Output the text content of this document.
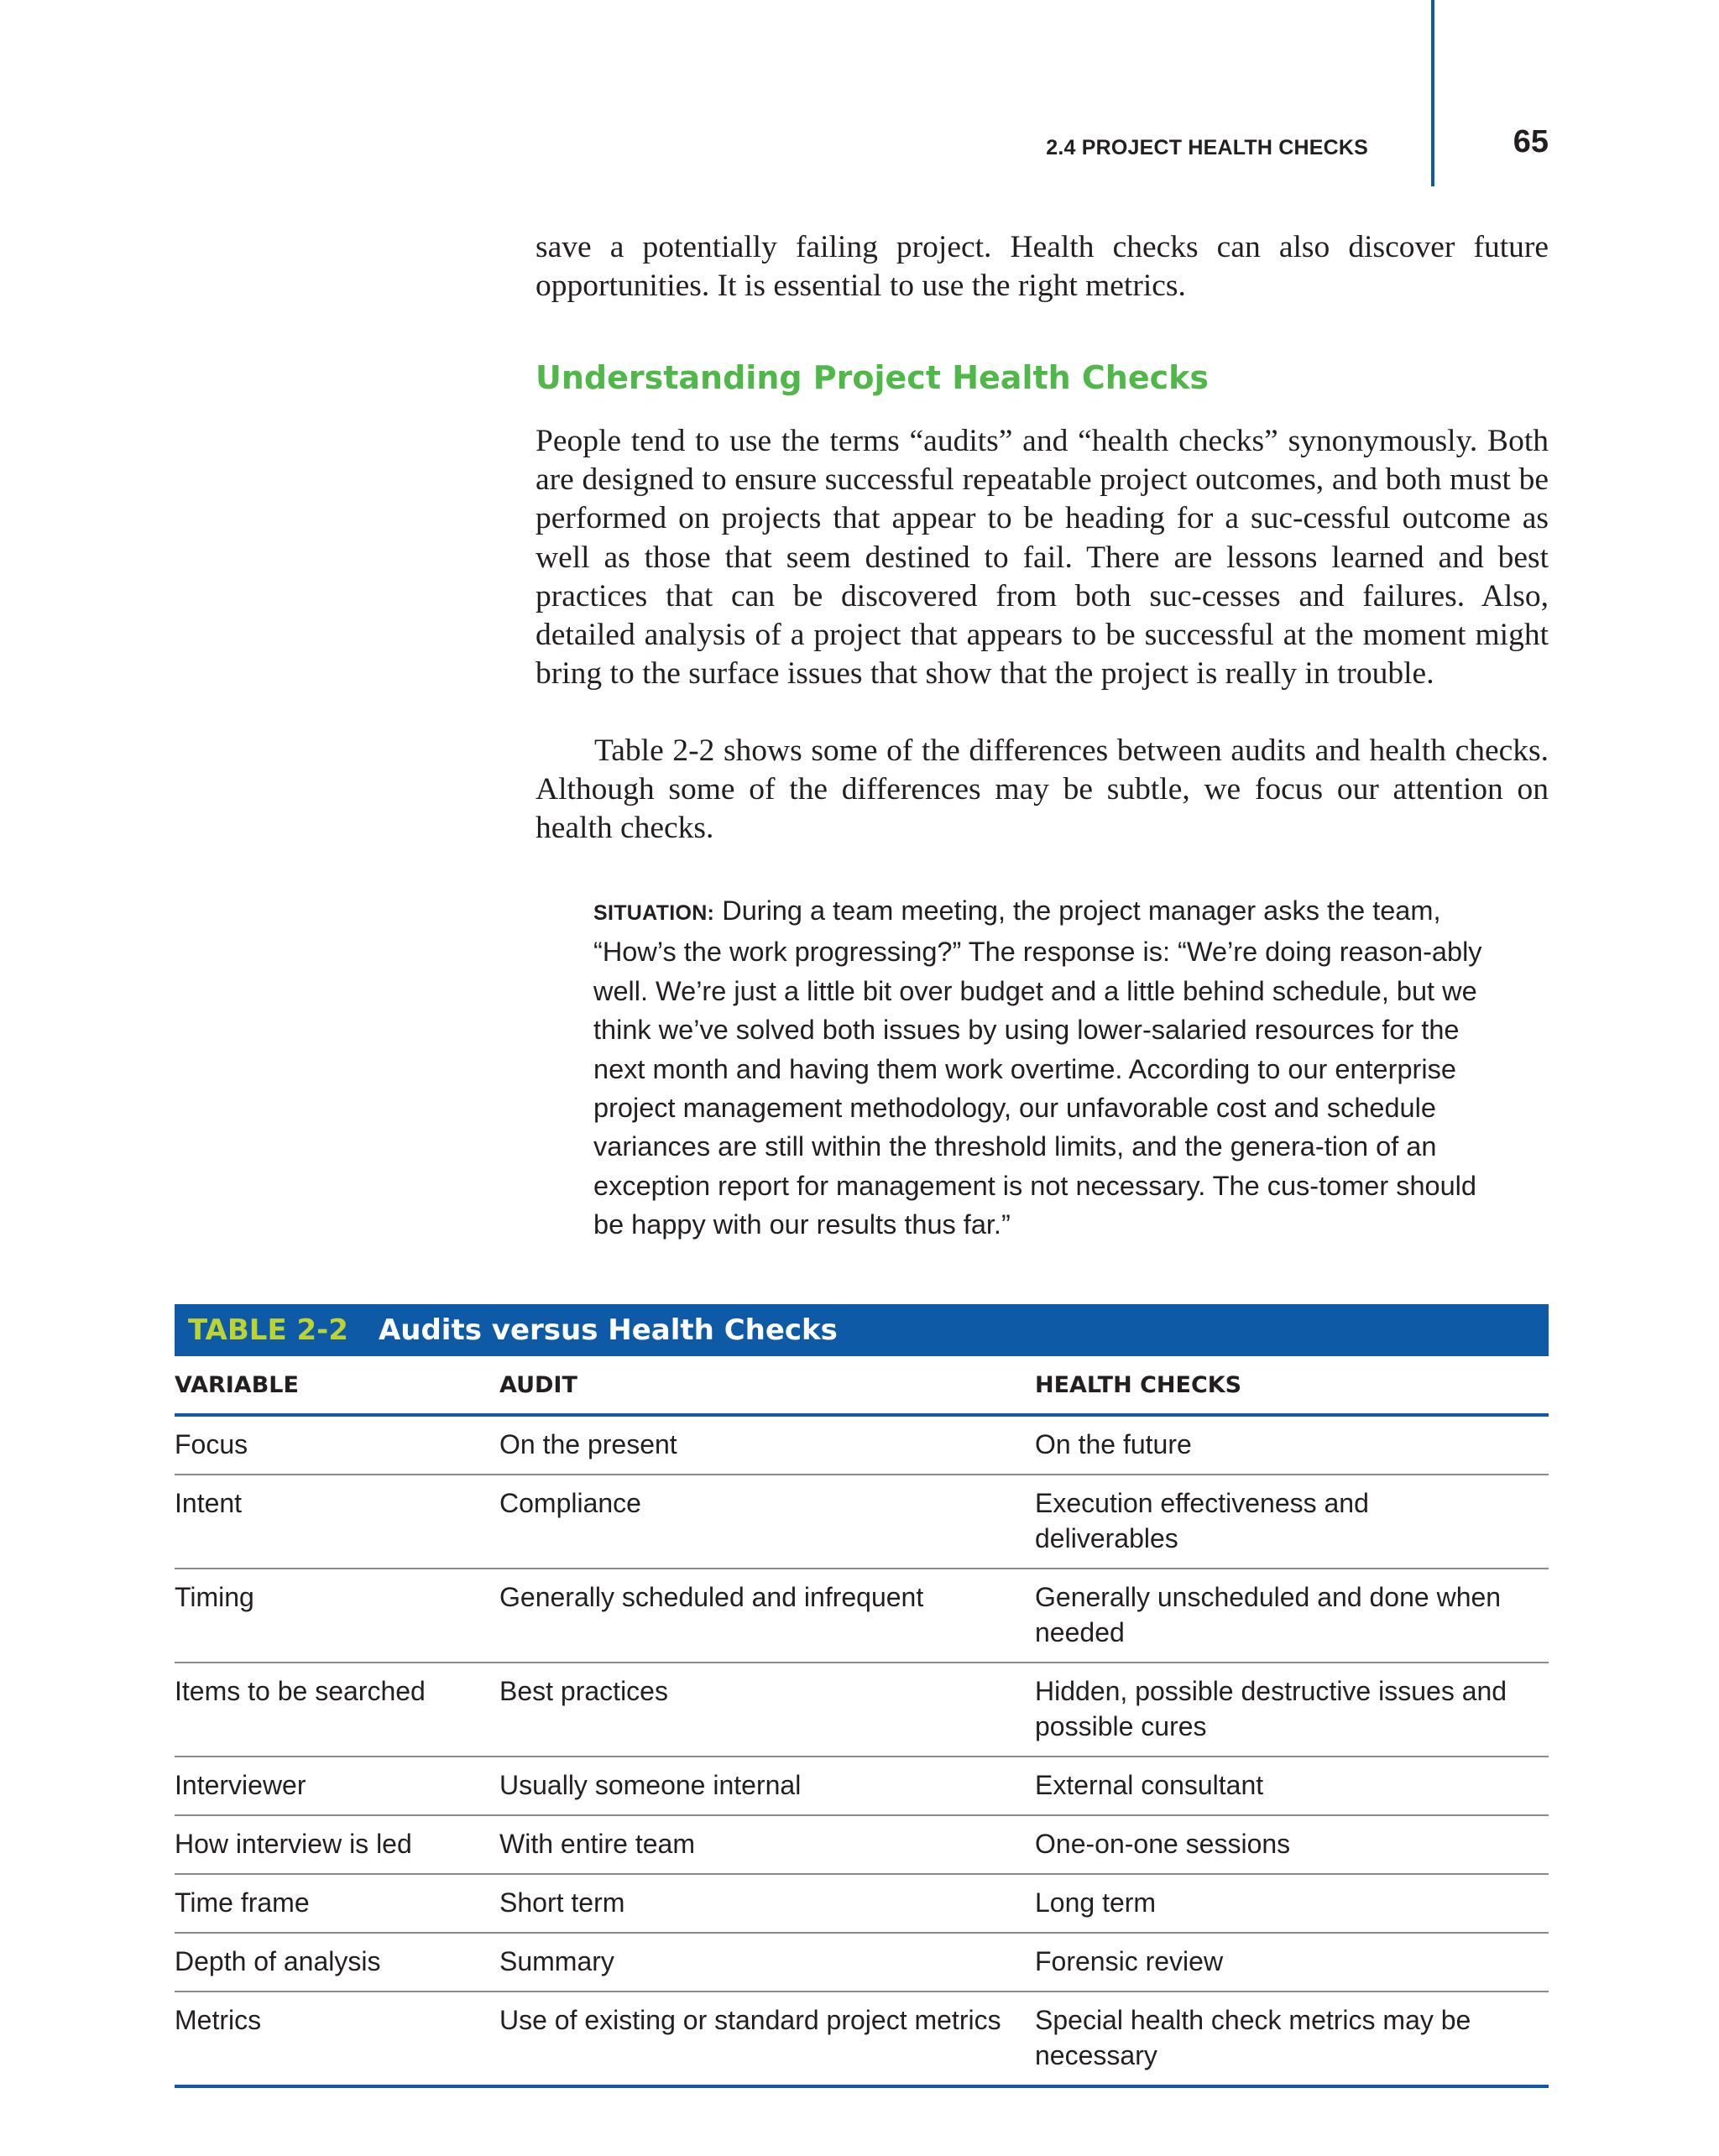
2.4 PROJECT HEALTH CHECKS	65

save a potentially failing project. Health checks can also discover future opportunities. It is essential to use the right metrics.

Understanding Project Health Checks

People tend to use the terms “audits” and “health checks” synonymously. Both are designed to ensure successful repeatable project outcomes, and both must be performed on projects that appear to be heading for a suc-cessful outcome as well as those that seem destined to fail. There are lessons learned and best practices that can be discovered from both suc-cesses and failures. Also, detailed analysis of a project that appears to be successful at the moment might bring to the surface issues that show that the project is really in trouble.

Table 2-2 shows some of the differences between audits and health checks. Although some of the differences may be subtle, we focus our attention on health checks.

SITUATION: During a team meeting, the project manager asks the team, “How’s the work progressing?” The response is: “We’re doing reason-ably well. We’re just a little bit over budget and a little behind schedule, but we think we’ve solved both issues by using lower-salaried resources for the next month and having them work overtime. According to our enterprise project management methodology, our unfavorable cost and schedule variances are still within the threshold limits, and the genera-tion of an exception report for management is not necessary. The cus-tomer should be happy with our results thus far.”
TABLE 2-2 Audits versus Health Checks
VARIABLE	AUDIT	HEALTH CHECKS
Focus	On the present	On the future
Intent	Compliance	Execution effectiveness and deliverables
Timing	Generally scheduled and infrequent	Generally unscheduled and done when needed
Items to be searched	Best practices	Hidden, possible destructive issues and possible cures
Interviewer	Usually someone internal	External consultant
How interview is led	With entire team	One-on-one sessions
Time frame	Short term	Long term
Depth of analysis	Summary	Forensic review
Metrics	Use of existing or standard project metrics	Special health check metrics may be necessary
